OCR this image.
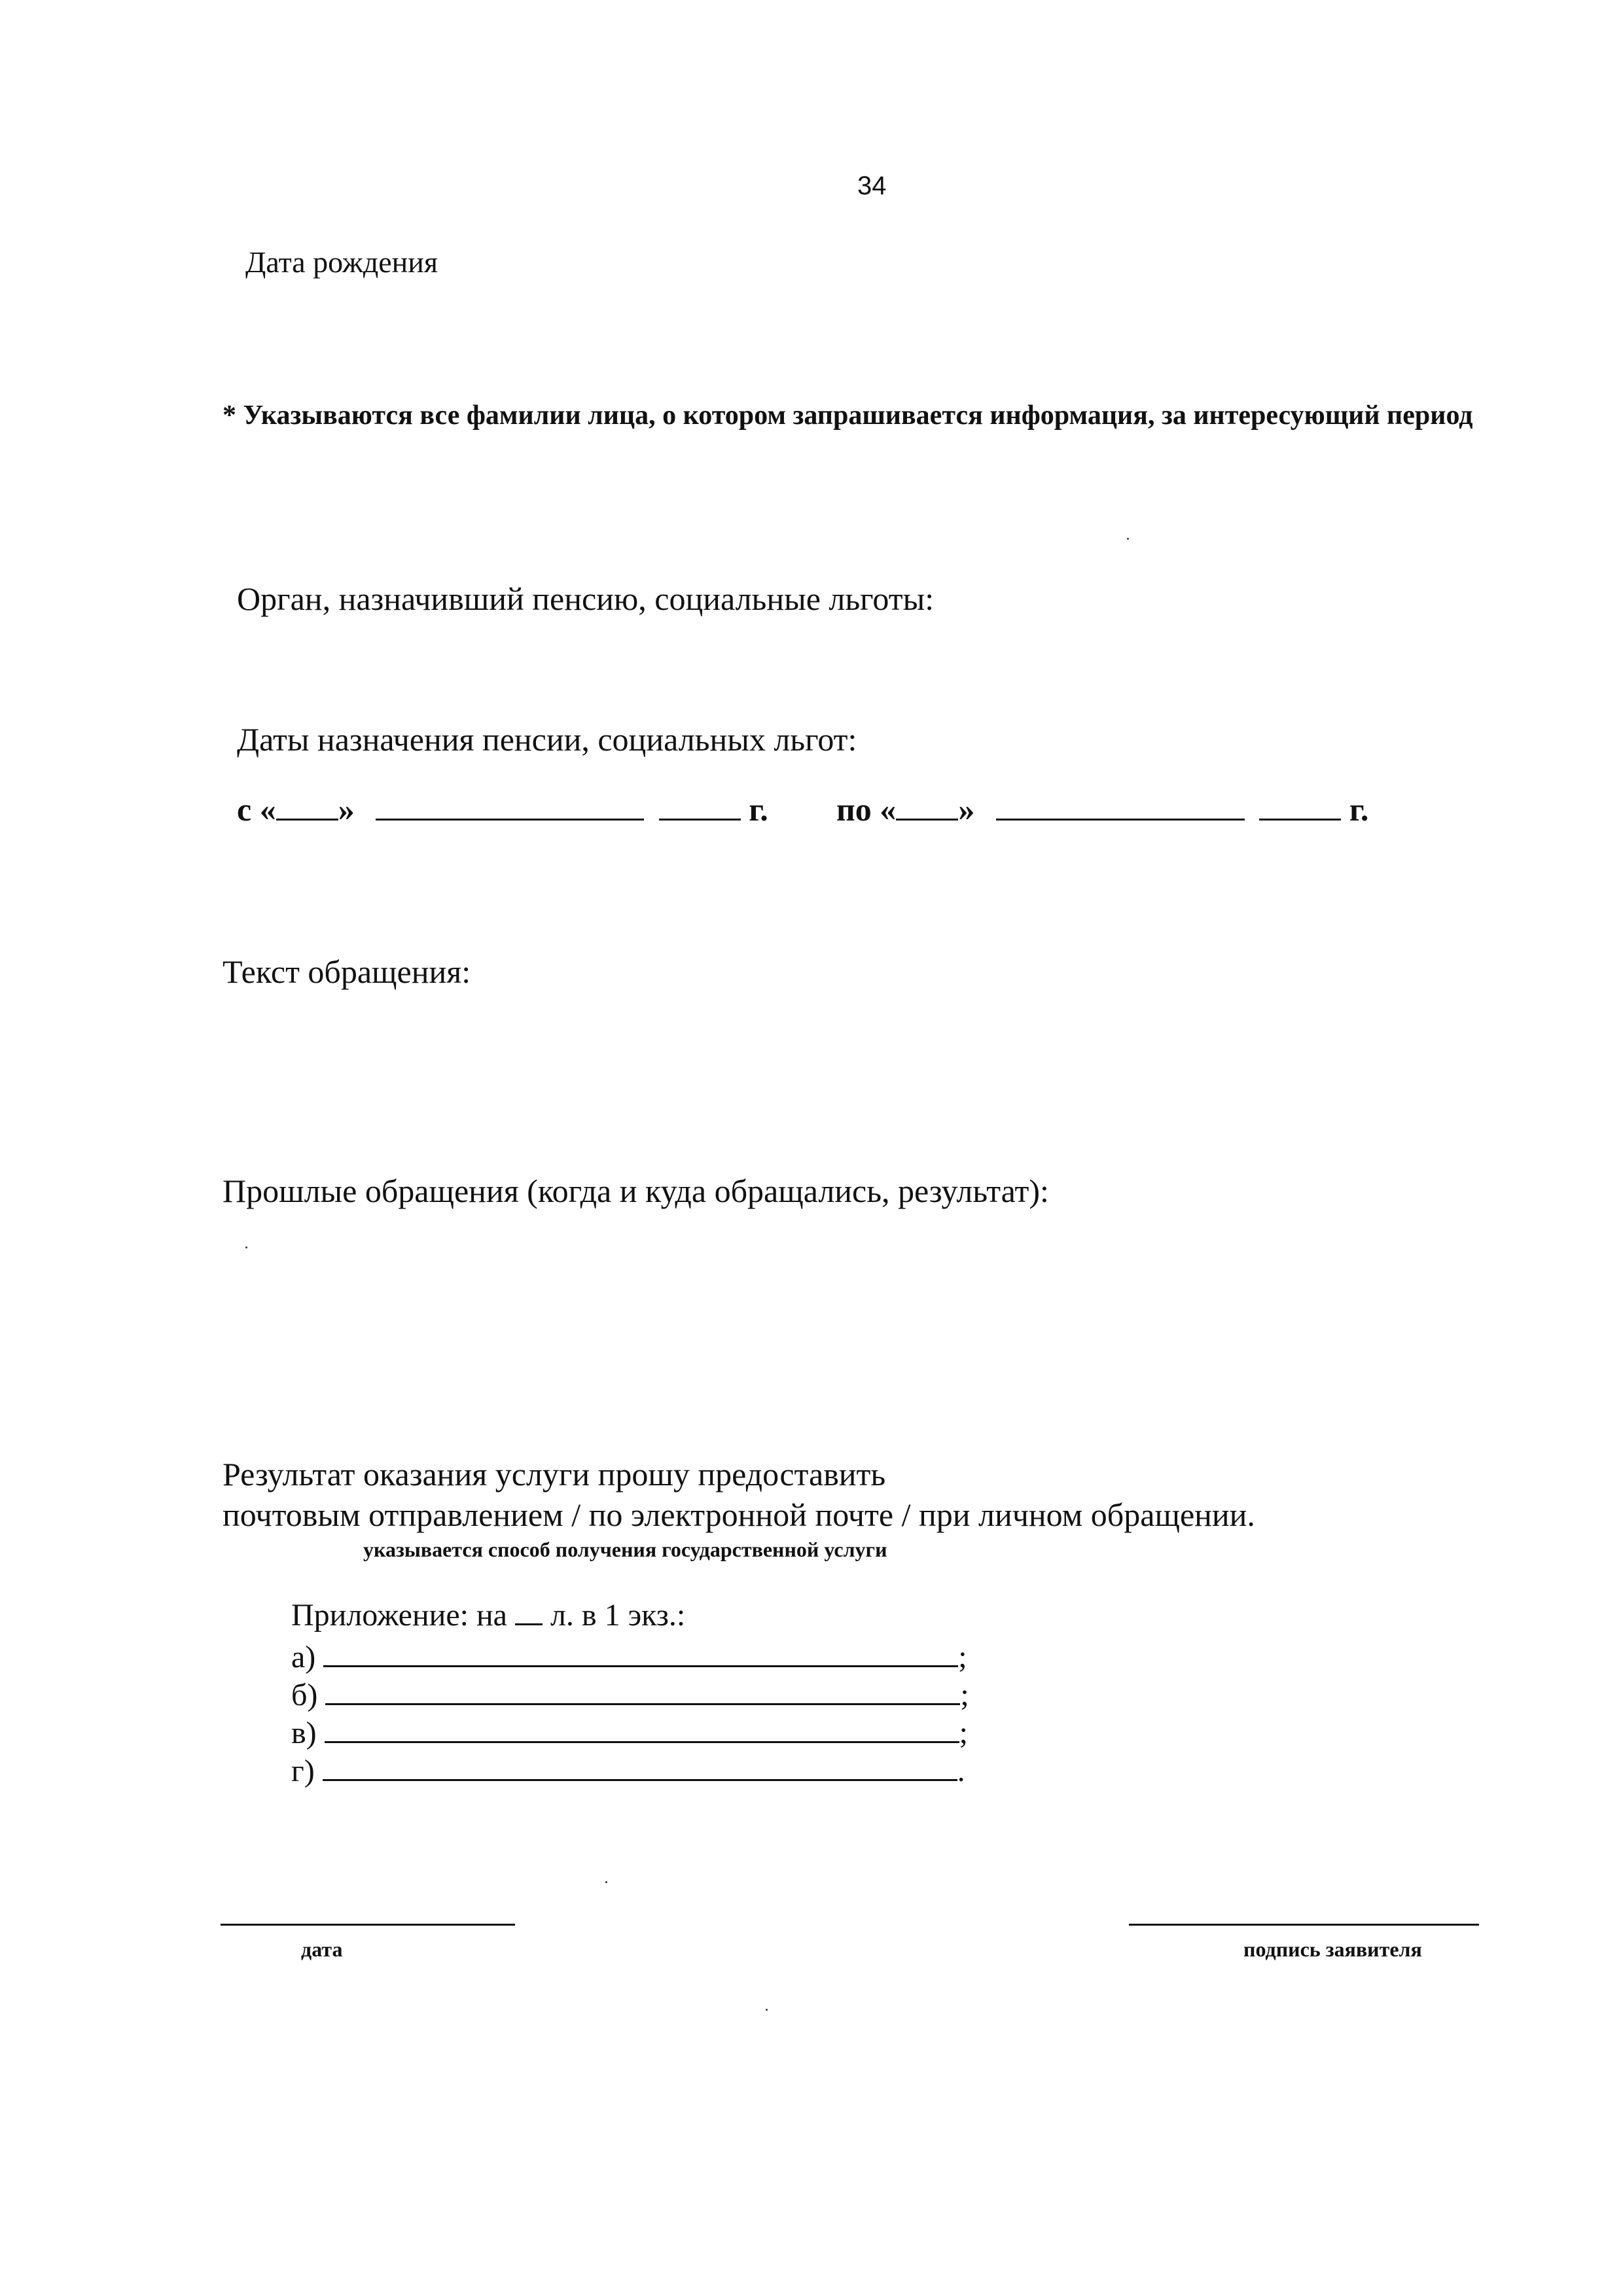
34
Дата рождения
* Указываются все фамилии лица, о котором запрашивается информация, за интересующий период
Орган, назначивший пенсию, социальные льготы:
Даты назначения пенсии, социальных льгот:
с « »	г. по « »	г.
Текст обращения:
Прошлые обращения (когда и куда обращались, результат):
Результат оказания услуги прошу предоставить
почтовым отправлением / по электронной почте / при личном обращении.
указывается способ получения государственной услуги
Приложение: на л. в 1 экз.:
а)	;
б)	;
в)	;
г)	.
дата	подпись заявителя
